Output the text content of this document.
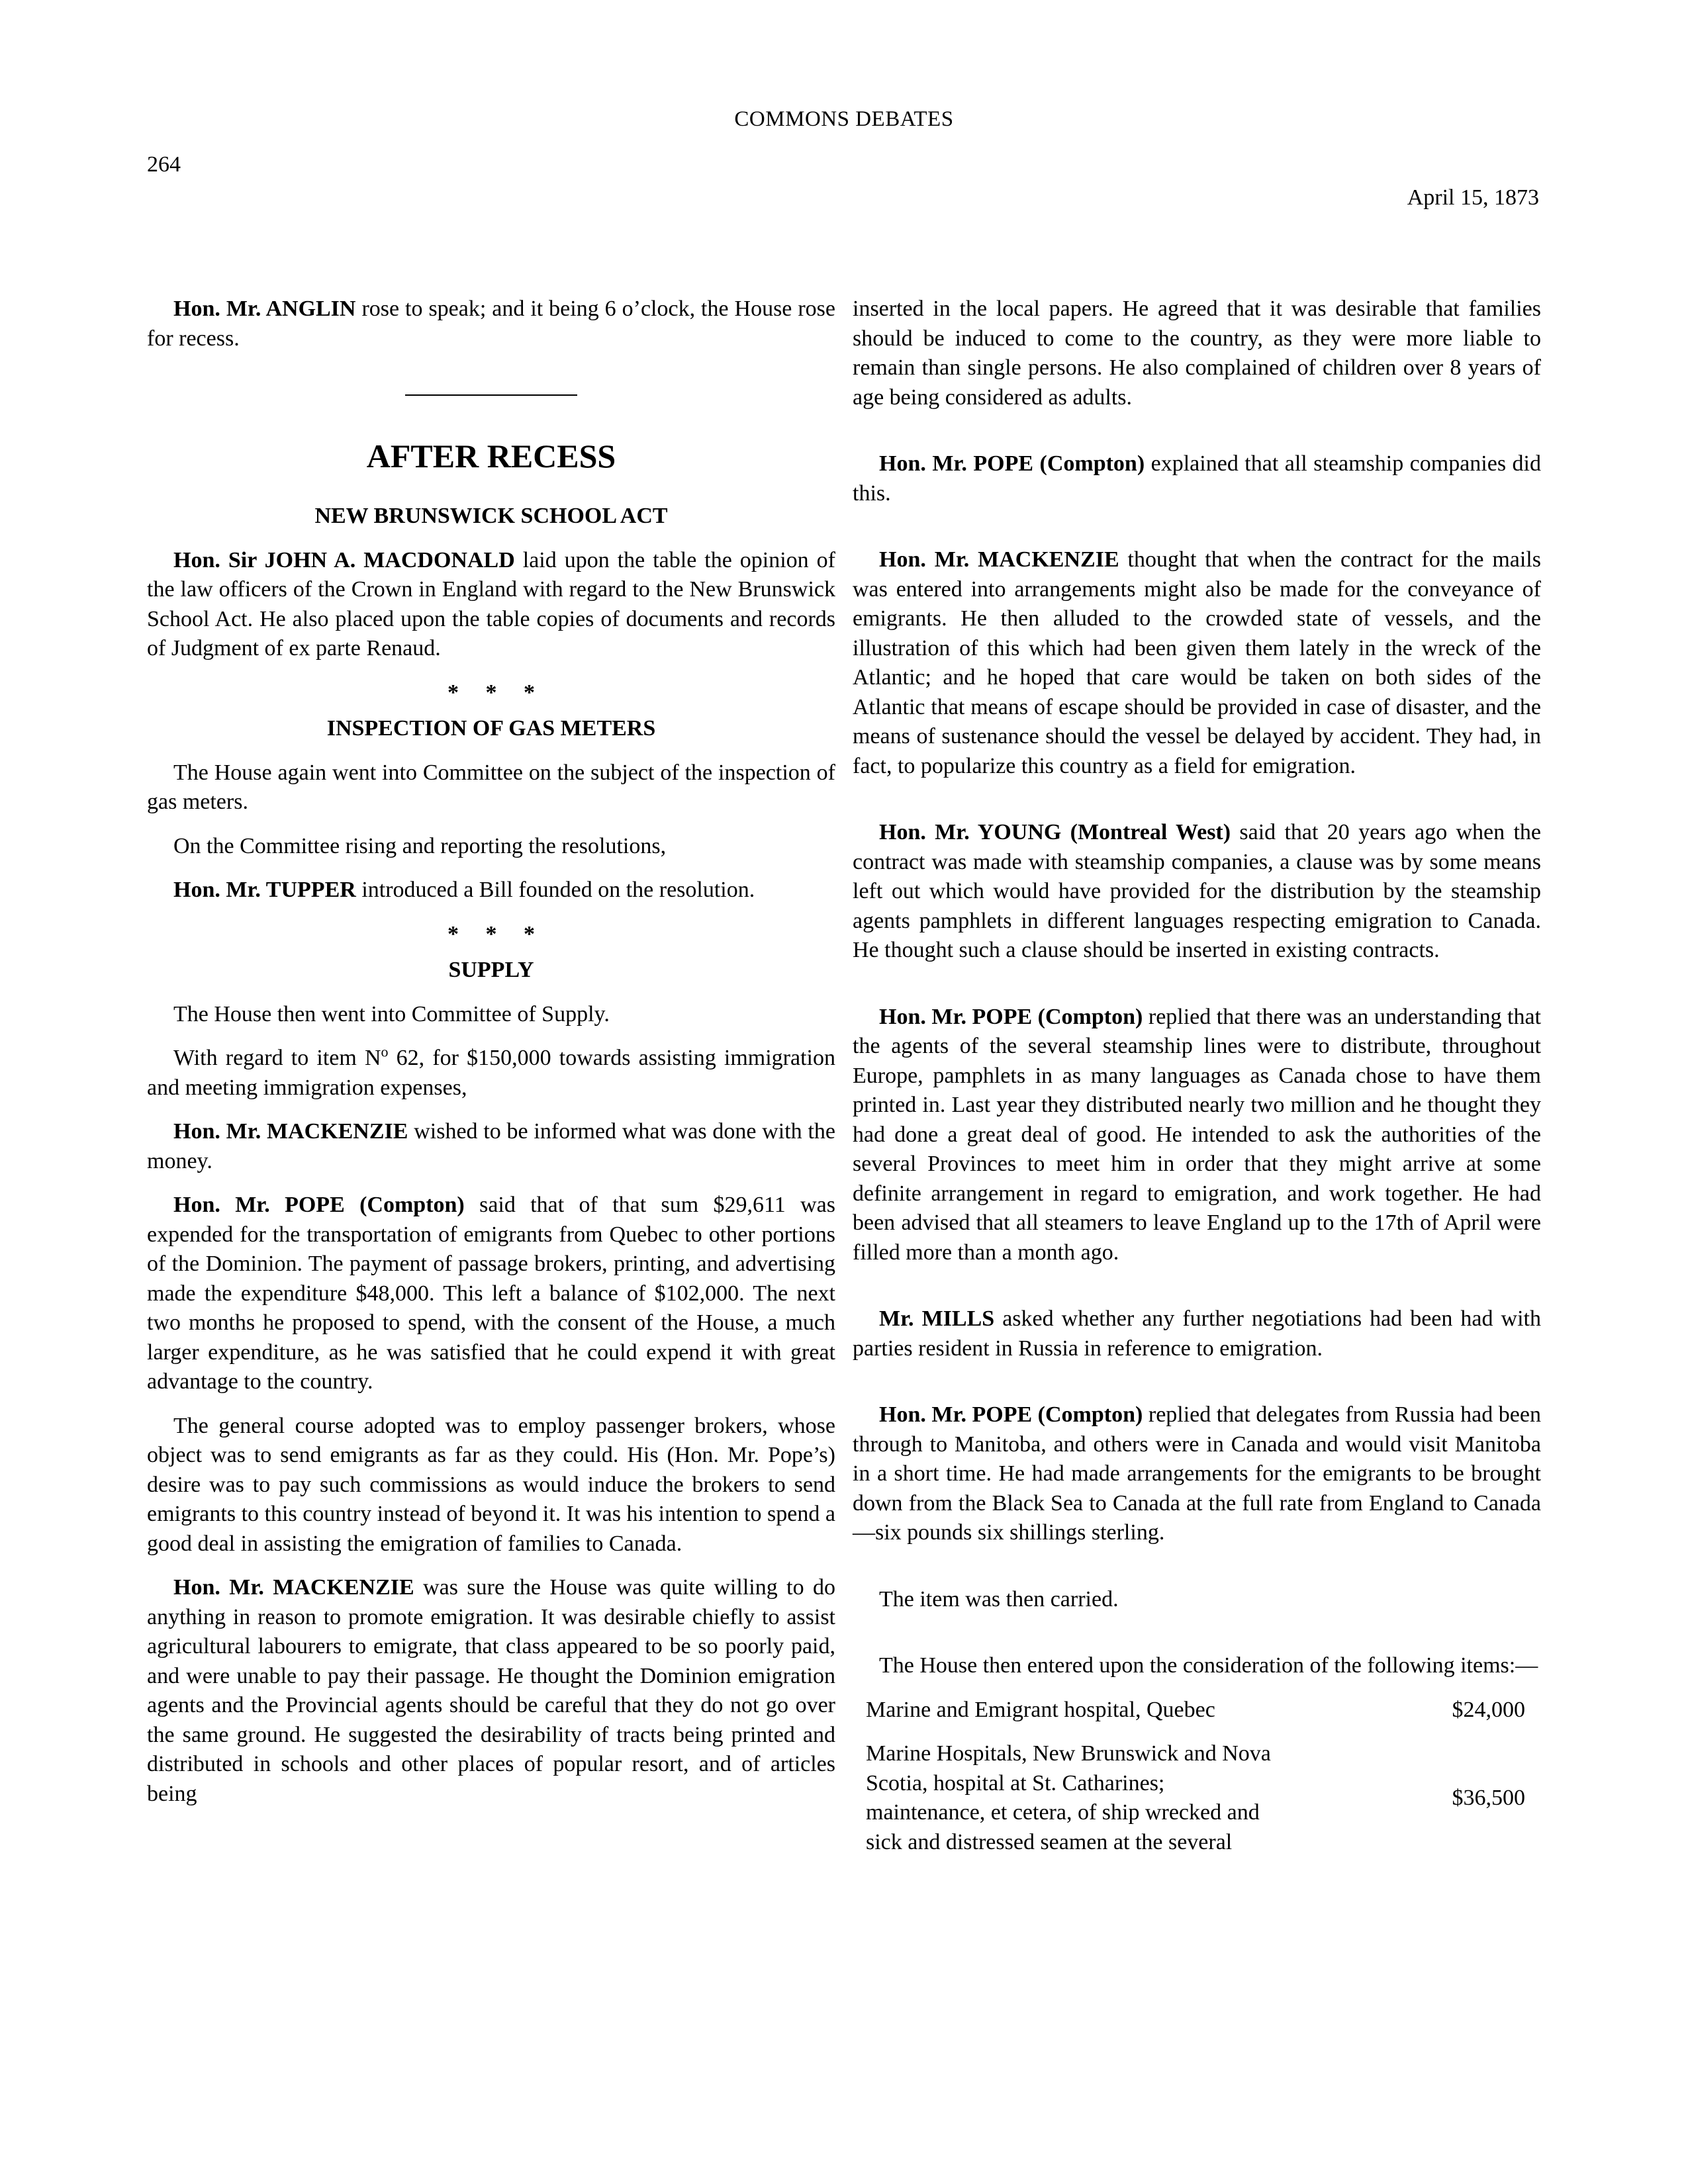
COMMONS DEBATES
264
April 15, 1873

Hon. Mr. ANGLIN rose to speak; and it being 6 o’clock, the House rose for recess.

AFTER RECESS
NEW BRUNSWICK SCHOOL ACT

Hon. Sir JOHN A. MACDONALD laid upon the table the opinion of the law officers of the Crown in England with regard to the New Brunswick School Act. He also placed upon the table copies of documents and records of Judgment of ex parte Renaud.

* * *
INSPECTION OF GAS METERS

The House again went into Committee on the subject of the inspection of gas meters.

On the Committee rising and reporting the resolutions,

Hon. Mr. TUPPER introduced a Bill founded on the resolution.

* * *
SUPPLY

The House then went into Committee of Supply.

With regard to item $N^o$ 62, for $150,000 towards assisting immigration and meeting immigration expenses,

Hon. Mr. MACKENZIE wished to be informed what was done with the money.

Hon. Mr. POPE (Compton) said that of that sum $29,611 was expended for the transportation of emigrants from Quebec to other portions of the Dominion. The payment of passage brokers, printing, and advertising made the expenditure $48,000. This left a balance of $102,000. The next two months he proposed to spend, with the consent of the House, a much larger expenditure, as he was satisfied that he could expend it with great advantage to the country.

The general course adopted was to employ passenger brokers, whose object was to send emigrants as far as they could. His (Hon. Mr. Pope’s) desire was to pay such commissions as would induce the brokers to send emigrants to this country instead of beyond it. It was his intention to spend a good deal in assisting the emigration of families to Canada.

Hon. Mr. MACKENZIE was sure the House was quite willing to do anything in reason to promote emigration. It was desirable chiefly to assist agricultural labourers to emigrate, that class appeared to be so poorly paid, and were unable to pay their passage. He thought the Dominion emigration agents and the Provincial agents should be careful that they do not go over the same ground. He suggested the desirability of tracts being printed and distributed in schools and other places of popular resort, and of articles being

inserted in the local papers. He agreed that it was desirable that families should be induced to come to the country, as they were more liable to remain than single persons. He also complained of children over 8 years of age being considered as adults.

Hon. Mr. POPE (Compton) explained that all steamship companies did this.

Hon. Mr. MACKENZIE thought that when the contract for the mails was entered into arrangements might also be made for the conveyance of emigrants. He then alluded to the crowded state of vessels, and the illustration of this which had been given them lately in the wreck of the Atlantic; and he hoped that care would be taken on both sides of the Atlantic that means of escape should be provided in case of disaster, and the means of sustenance should the vessel be delayed by accident. They had, in fact, to popularize this country as a field for emigration.

Hon. Mr. YOUNG (Montreal West) said that 20 years ago when the contract was made with steamship companies, a clause was by some means left out which would have provided for the distribution by the steamship agents pamphlets in different languages respecting emigration to Canada. He thought such a clause should be inserted in existing contracts.

Hon. Mr. POPE (Compton) replied that there was an understanding that the agents of the several steamship lines were to distribute, throughout Europe, pamphlets in as many languages as Canada chose to have them printed in. Last year they distributed nearly two million and he thought they had done a great deal of good. He intended to ask the authorities of the several Provinces to meet him in order that they might arrive at some definite arrangement in regard to emigration, and work together. He had been advised that all steamers to leave England up to the 17th of April were filled more than a month ago.

Mr. MILLS asked whether any further negotiations had been had with parties resident in Russia in reference to emigration.

Hon. Mr. POPE (Compton) replied that delegates from Russia had been through to Manitoba, and others were in Canada and would visit Manitoba in a short time. He had made arrangements for the emigrants to be brought down from the Black Sea to Canada at the full rate from England to Canada—six pounds six shillings sterling.

The item was then carried.

The House then entered upon the consideration of the following items:—

Marine and Emigrant hospital, Quebec	$24,000
Marine Hospitals, New Brunswick and Nova Scotia, hospital at St. Catharines; maintenance, et cetera, of ship wrecked and sick and distressed seamen at the several
$36,500
